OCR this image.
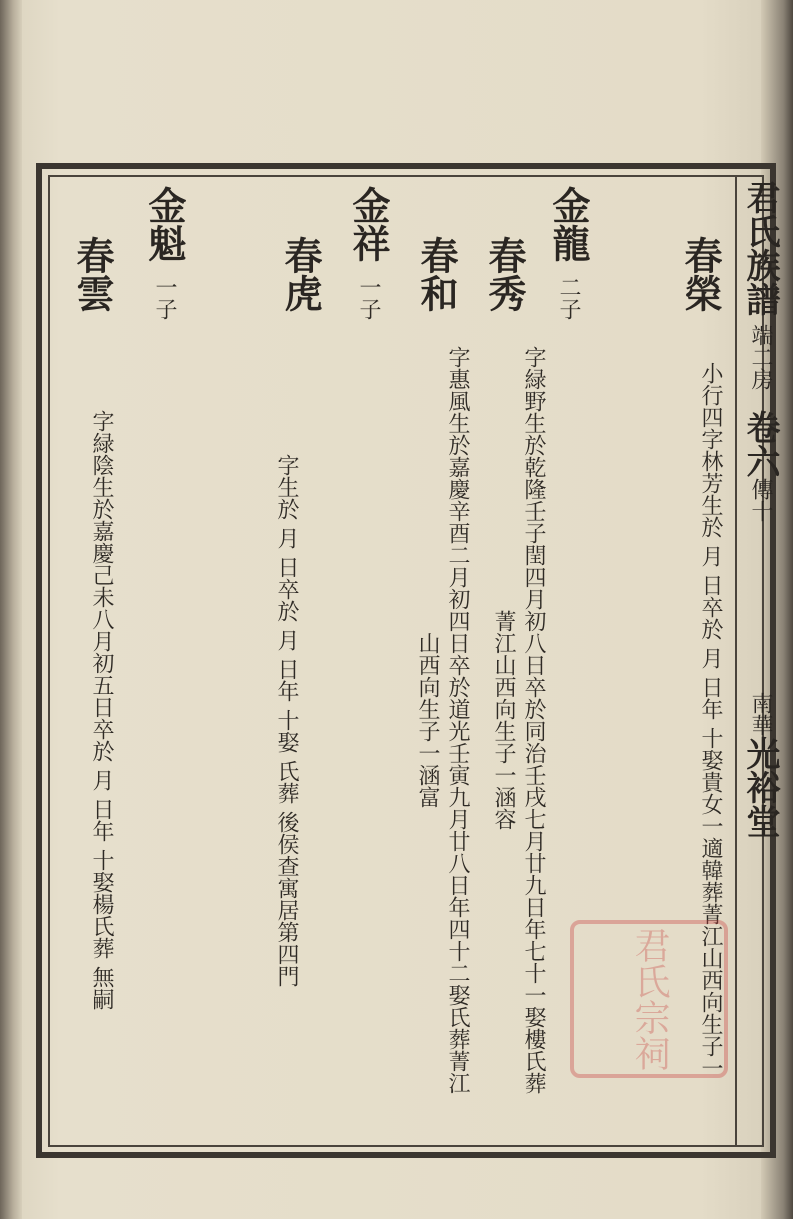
君氏族譜
端二房
卷六
傳十
南華
光裕堂
春榮
小行四字林芳生於 月 日卒於 月 日年 十娶貴女一適韓葬菁江山西向生子一
金龍
二子
春秀
字緑野生於乾隆壬子閏四月初八日卒於同治壬戌七月廿九日年七十一娶樓氏葬菁江山西向生子一涵容
春和
字惠風生於嘉慶辛酉二月初四日卒於道光壬寅九月廿八日年四十二娶氏葬菁江山西向生子一涵富
金祥
一子
春虎
字生於 月 日卒於 月 日年 十娶 氏葬 後侯查寓居第四門
金魁
一子
春雲
字緑陰生於嘉慶己未八月初五日卒於 月 日年 十娶楊氏葬 無嗣	君氏宗祠
